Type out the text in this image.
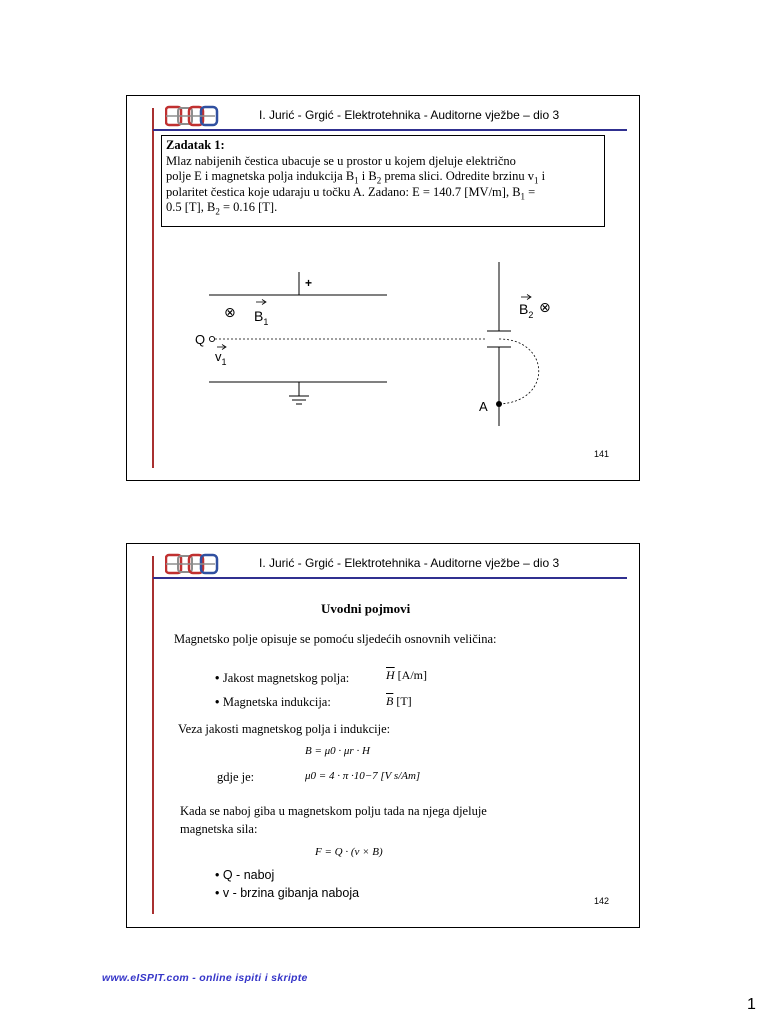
I. Jurić - Grgić - Elektrotehnika - Auditorne vježbe – dio 3
Zadatak 1:
Mlaz nabijenih čestica ubacuje se u prostor u kojem djeluje električno
polje E i magnetska polja indukcija $B_1$ i $B_2$ prema slici. Odredite brzinu $v_1$ i
polaritet čestica koje udaraju u točku A. Zadano: E = 140.7 [MV/m], $B_1$ =
0.5 [T], $B_2 = 0.16$ [T].
+
⊗ $B_1$
Q
$v_1$
A
$B_2$ ⊗
141
I. Jurić - Grgić - Elektrotehnika - Auditorne vježbe – dio 3
Uvodni pojmovi
Magnetsko polje opisuje se pomoću sljedećih osnovnih veličina:
• Jakost magnetskog polja:	$\overline{H}$ [A/m]
• Magnetska indukcija:	$\overline{B}$ [T]
Veza jakosti magnetskog polja i indukcije:
B = μ0 · μr · H
gdje je:	μ0 = 4 · π ·10−7 [V s/Am]
Kada se naboj giba u magnetskom polju tada na njega djeluje
magnetska sila:
F = Q · (v × B)
• Q - naboj
• v - brzina gibanja naboja
142
www.eISPIT.com - online ispiti i skripte
1
